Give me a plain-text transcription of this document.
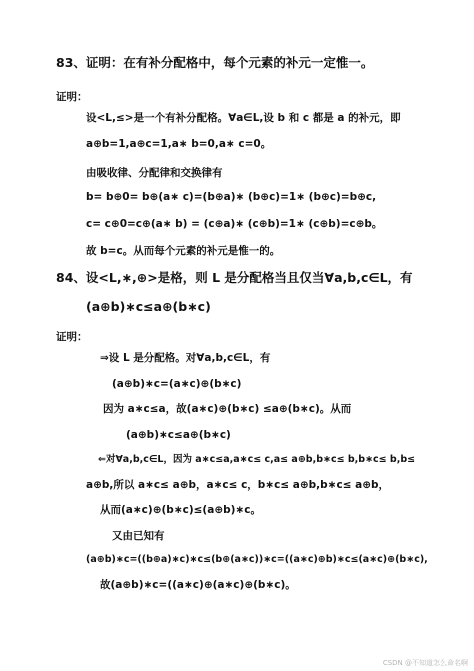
83、证明：在有补分配格中，每个元素的补元一定惟一。
证明：
设<L,≤>是一个有补分配格。∀a∈L,设 b 和 c 都是 a 的补元，即
a⊕b=1,a⊕c=1,a∗ b=0,a∗ c=0。
由吸收律、分配律和交换律有
b= b⊕0= b⊕(a∗ c)=(b⊕a)∗ (b⊕c)=1∗ (b⊕c)=b⊕c,
c= c⊕0=c⊕(a∗ b) = (c⊕a)∗ (c⊕b)=1∗ (c⊕b)=c⊕b。
故 b=c。从而每个元素的补元是惟一的。
84、设<L,∗,⊕>是格，则 L 是分配格当且仅当∀a,b,c∈L，有
(a⊕b)∗c≤a⊕(b∗c)
证明：
⇒设 L 是分配格。对∀a,b,c∈L，有
(a⊕b)∗c=(a∗c)⊕(b∗c)
因为 a∗c≤a，故(a∗c)⊕(b∗c) ≤a⊕(b∗c)。从而
(a⊕b)∗c≤a⊕(b∗c)
⇐对∀a,b,c∈L，因为 a∗c≤a,a∗c≤ c,a≤ a⊕b,b∗c≤ b,b∗c≤ b,b≤
a⊕b,所以 a∗c≤ a⊕b，a∗c≤ c，b∗c≤ a⊕b,b∗c≤ a⊕b，
从而(a∗c)⊕(b∗c)≤(a⊕b)∗c。
又由已知有
(a⊕b)∗c=((b⊕a)∗c)∗c≤(b⊕(a∗c))∗c=((a∗c)⊕b)∗c≤(a∗c)⊕(b∗c),
故(a⊕b)∗c=((a∗c)⊕(a∗c)⊕(b∗c)。
CSDN @不知道怎么命名啊
